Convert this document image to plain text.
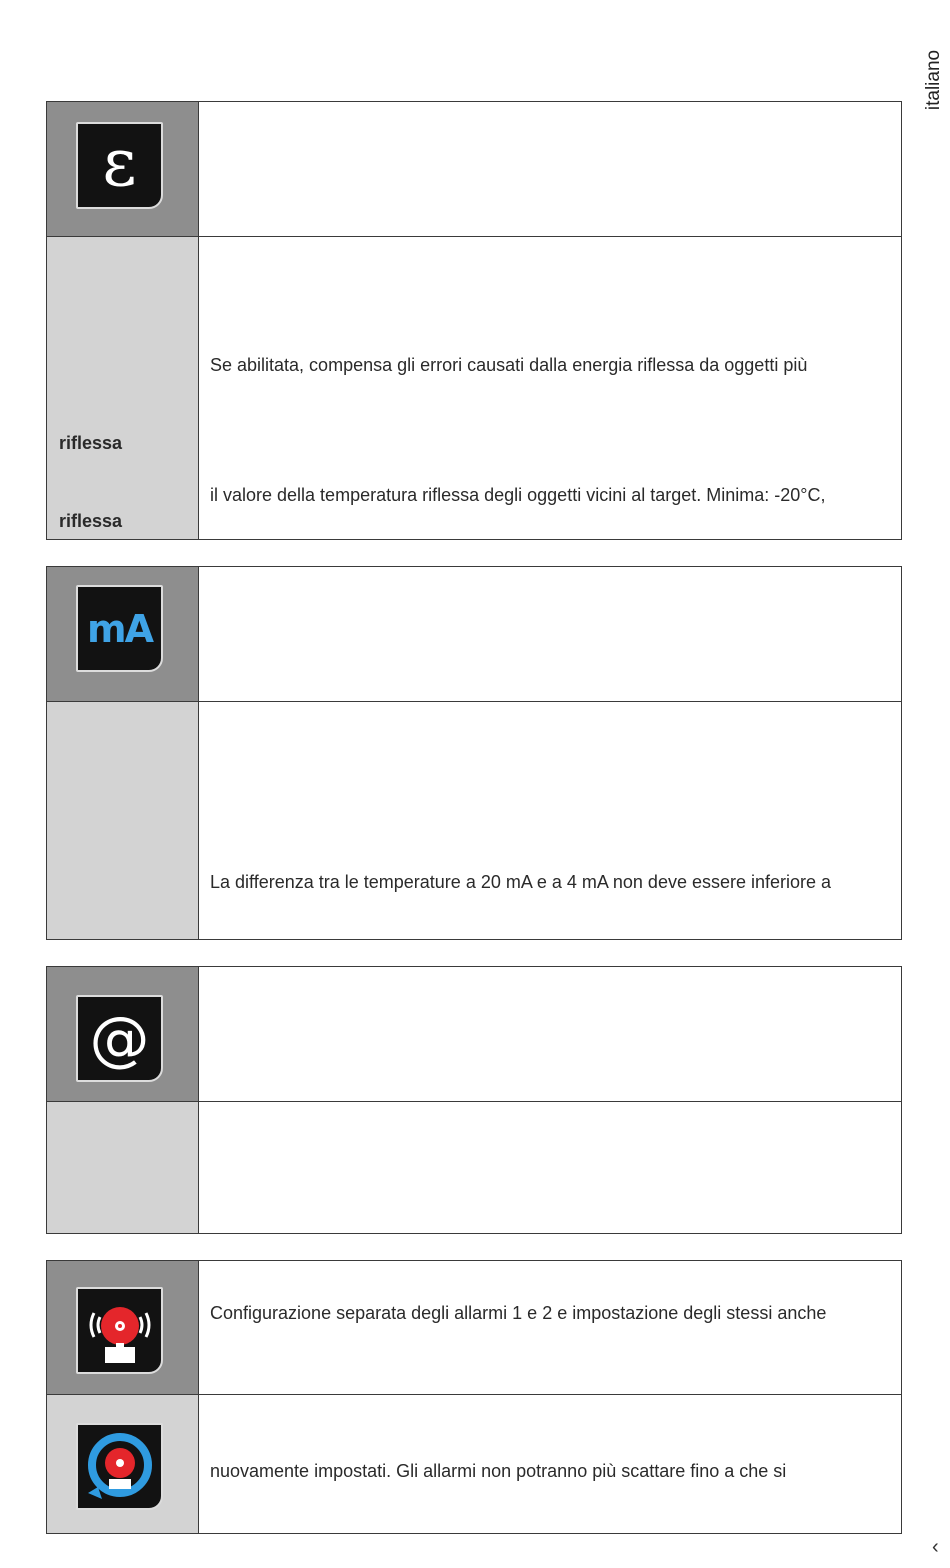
italiano
ε
riflessa
riflessa
Se abilitata, compensa gli errori causati dalla energia riflessa da oggetti più
il valore della temperatura riflessa degli oggetti vicini al target. Minima: -20°C,
mA
La differenza tra le temperature a 20 mA e a 4 mA non deve essere inferiore a
@
Configurazione separata degli allarmi 1 e 2 e impostazione degli stessi anche
nuovamente impostati. Gli allarmi non potranno più scattare fino a che si
‹
